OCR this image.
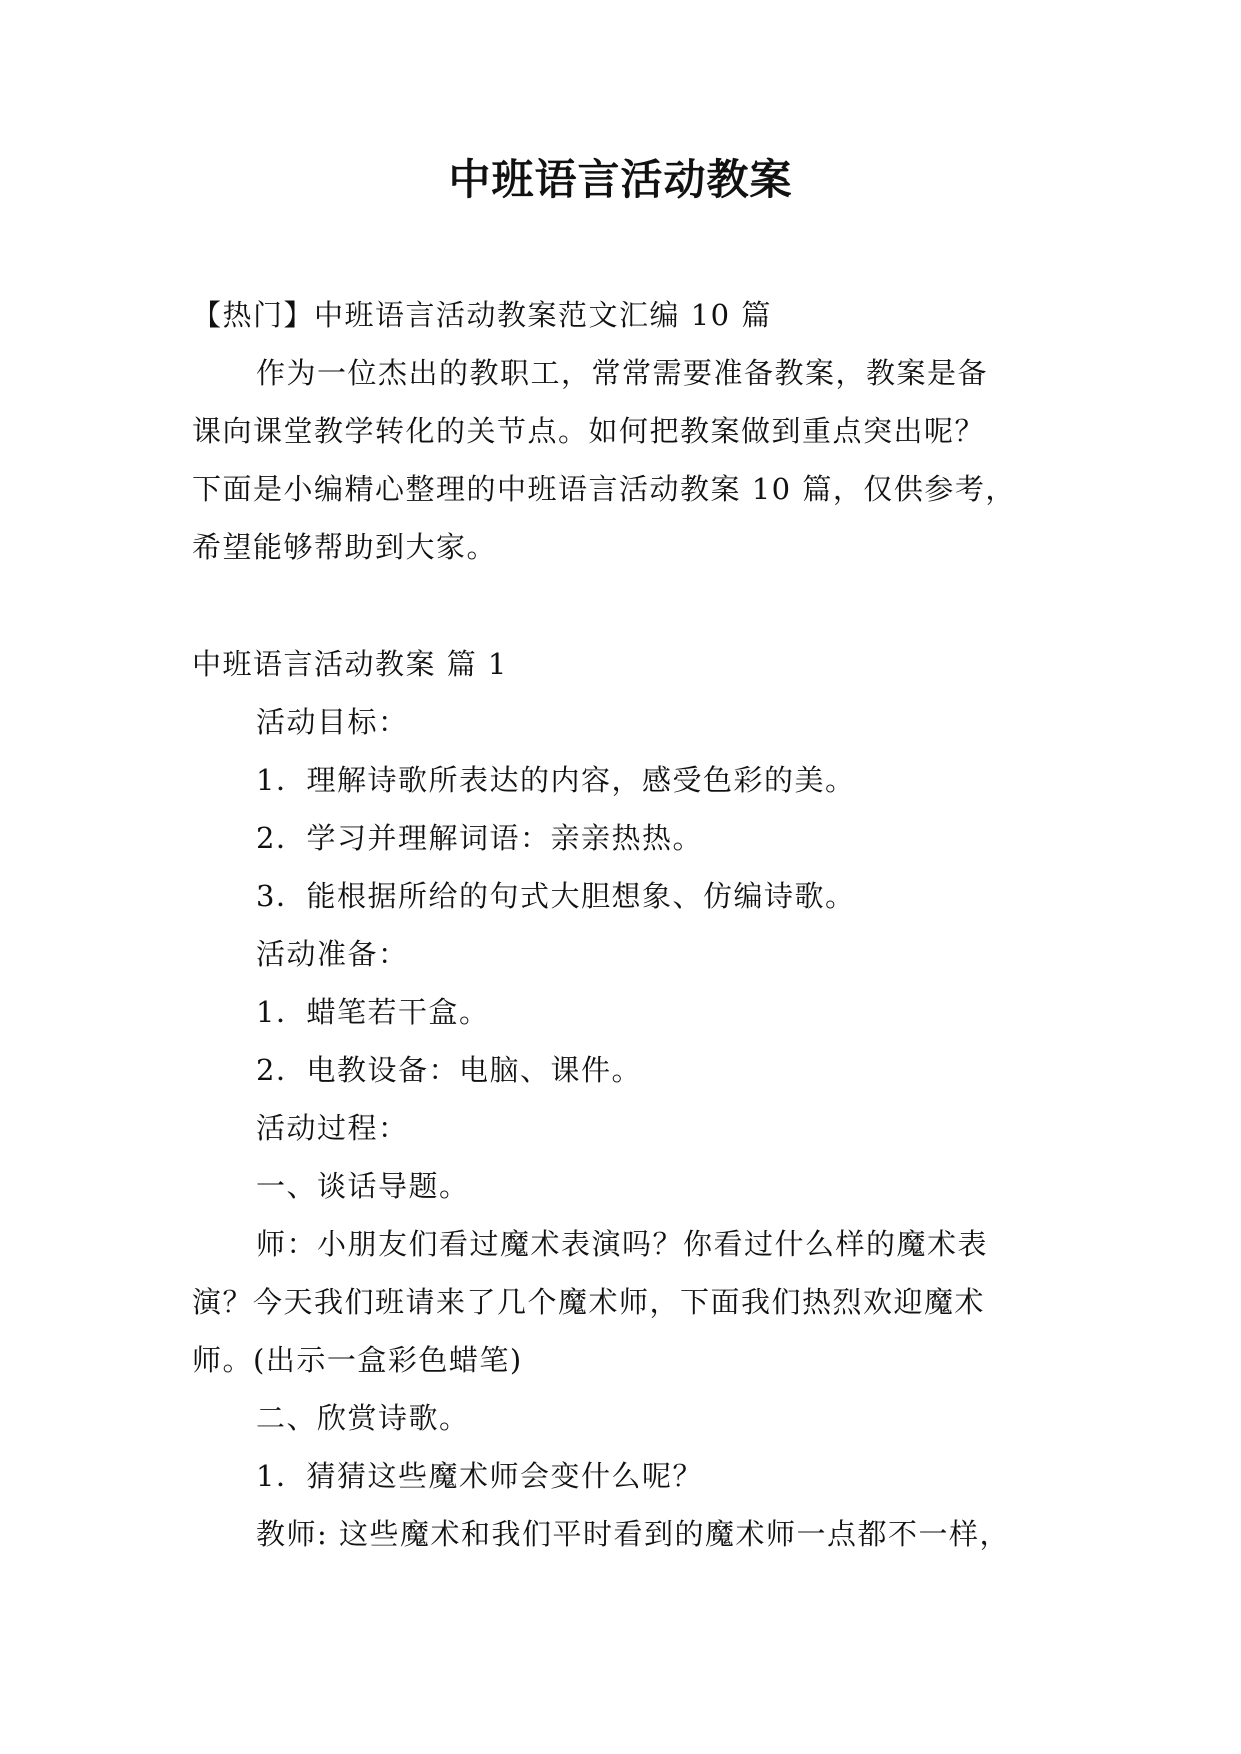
中班语言活动教案
【热门】中班语言活动教案范文汇编 10 篇
作为一位杰出的教职工，常常需要准备教案，教案是备
课向课堂教学转化的关节点。如何把教案做到重点突出呢？
下面是小编精心整理的中班语言活动教案 10 篇，仅供参考，
希望能够帮助到大家。
中班语言活动教案 篇 1
活动目标：
1．理解诗歌所表达的内容，感受色彩的美。
2．学习并理解词语：亲亲热热。
3．能根据所给的句式大胆想象、仿编诗歌。
活动准备：
1．蜡笔若干盒。
2．电教设备：电脑、课件。
活动过程：
一、谈话导题。
师：小朋友们看过魔术表演吗？你看过什么样的魔术表
演？今天我们班请来了几个魔术师，下面我们热烈欢迎魔术
师。(出示一盒彩色蜡笔)
二、欣赏诗歌。
1．猜猜这些魔术师会变什么呢？
教师: 这些魔术和我们平时看到的魔术师一点都不一样，
